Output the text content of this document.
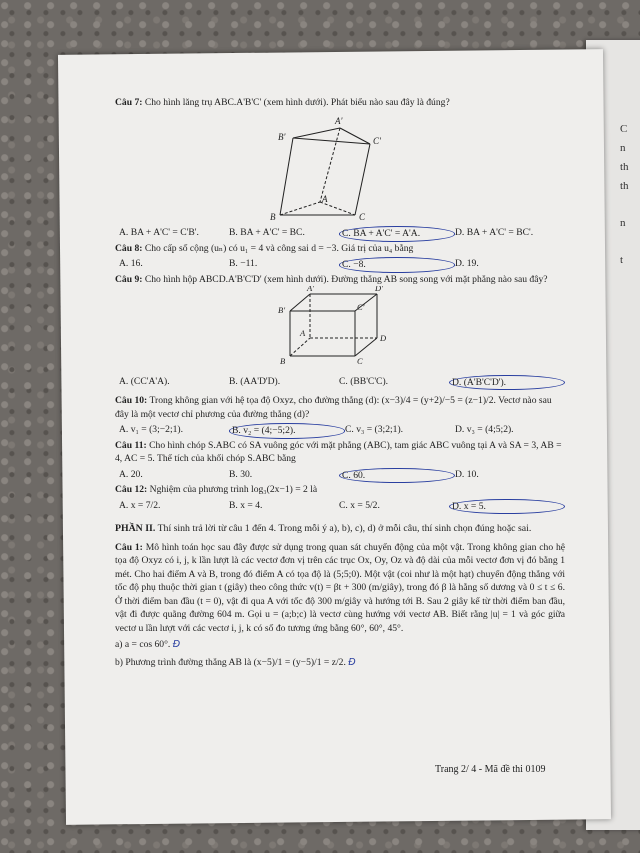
C
n
th
th
n
t

Câu 7: Cho hình lăng trụ ABC.A'B'C' (xem hình dưới). Phát biểu nào sau đây là đúng?

A'
B'	C'
A
B	C
A. BA + A'C' = C'B'.	B. BA + A'C' = BC.	C. BA + A'C' = A'A.	D. BA + A'C' = BC'.

Câu 8: Cho cấp số cộng (uₙ) có u₁ = 4 và công sai d = −3. Giá trị của u₄ bằng

A. 16.	B. −11.	C. −8.	D. 19.

Câu 9: Cho hình hộp ABCD.A'B'C'D' (xem hình dưới). Đường thẳng AB song song với mặt phẳng nào sau đây?

A'	D'
B'	C'
A	D
B	C
A. (CC'A'A).	B. (AA'D'D).	C. (BB'C'C).	D. (A'B'C'D').

Câu 10: Trong không gian với hệ tọa độ Oxyz, cho đường thẳng (d): (x−3)/4 = (y+2)/−5 = (z−1)/2. Vectơ nào sau đây là một vectơ chỉ phương của đường thẳng (d)?

A. v₁ = (3;−2;1).	B. v₂ = (4;−5;2).	C. v₃ = (3;2;1).	D. v₃ = (4;5;2).

Câu 11: Cho hình chóp S.ABC có SA vuông góc với mặt phẳng (ABC), tam giác ABC vuông tại A và SA = 3, AB = 4, AC = 5. Thể tích của khối chóp S.ABC bằng

A. 20.	B. 30.	C. 60.	D. 10.

Câu 12: Nghiệm của phương trình log₃(2x−1) = 2 là

A. x = 7/2.	B. x = 4.	C. x = 5/2.	D. x = 5.

PHẦN II. Thí sinh trả lời từ câu 1 đến 4. Trong mỗi ý a), b), c), d) ở mỗi câu, thí sinh chọn đúng hoặc sai.

Câu 1: Mô hình toán học sau đây được sử dụng trong quan sát chuyển động của một vật. Trong không gian cho hệ tọa độ Oxyz có i, j, k lần lượt là các vectơ đơn vị trên các trục Ox, Oy, Oz và độ dài của mỗi vectơ đơn vị đó bằng 1 mét. Cho hai điểm A và B, trong đó điểm A có tọa độ là (5;5;0). Một vật (coi như là một hạt) chuyển động thẳng với tốc độ phụ thuộc thời gian t (giây) theo công thức v(t) = βt + 300 (m/giây), trong đó β là hằng số dương và 0 ≤ t ≤ 6. Ở thời điểm ban đầu (t = 0), vật đi qua A với tốc độ 300 m/giây và hướng tới B. Sau 2 giây kể từ thời điểm ban đầu, vật đi được quãng đường 604 m. Gọi u = (a;b;c) là vectơ cùng hướng với vectơ AB. Biết rằng |u| = 1 và góc giữa vectơ u lần lượt với các vectơ i, j, k có số đo tương ứng bằng 60°, 60°, 45°.

a) a = cos 60°. Đ

b) Phương trình đường thẳng AB là (x−5)/1 = (y−5)/1 = z/2. Đ

Trang 2/ 4 - Mã đề thi 0109
